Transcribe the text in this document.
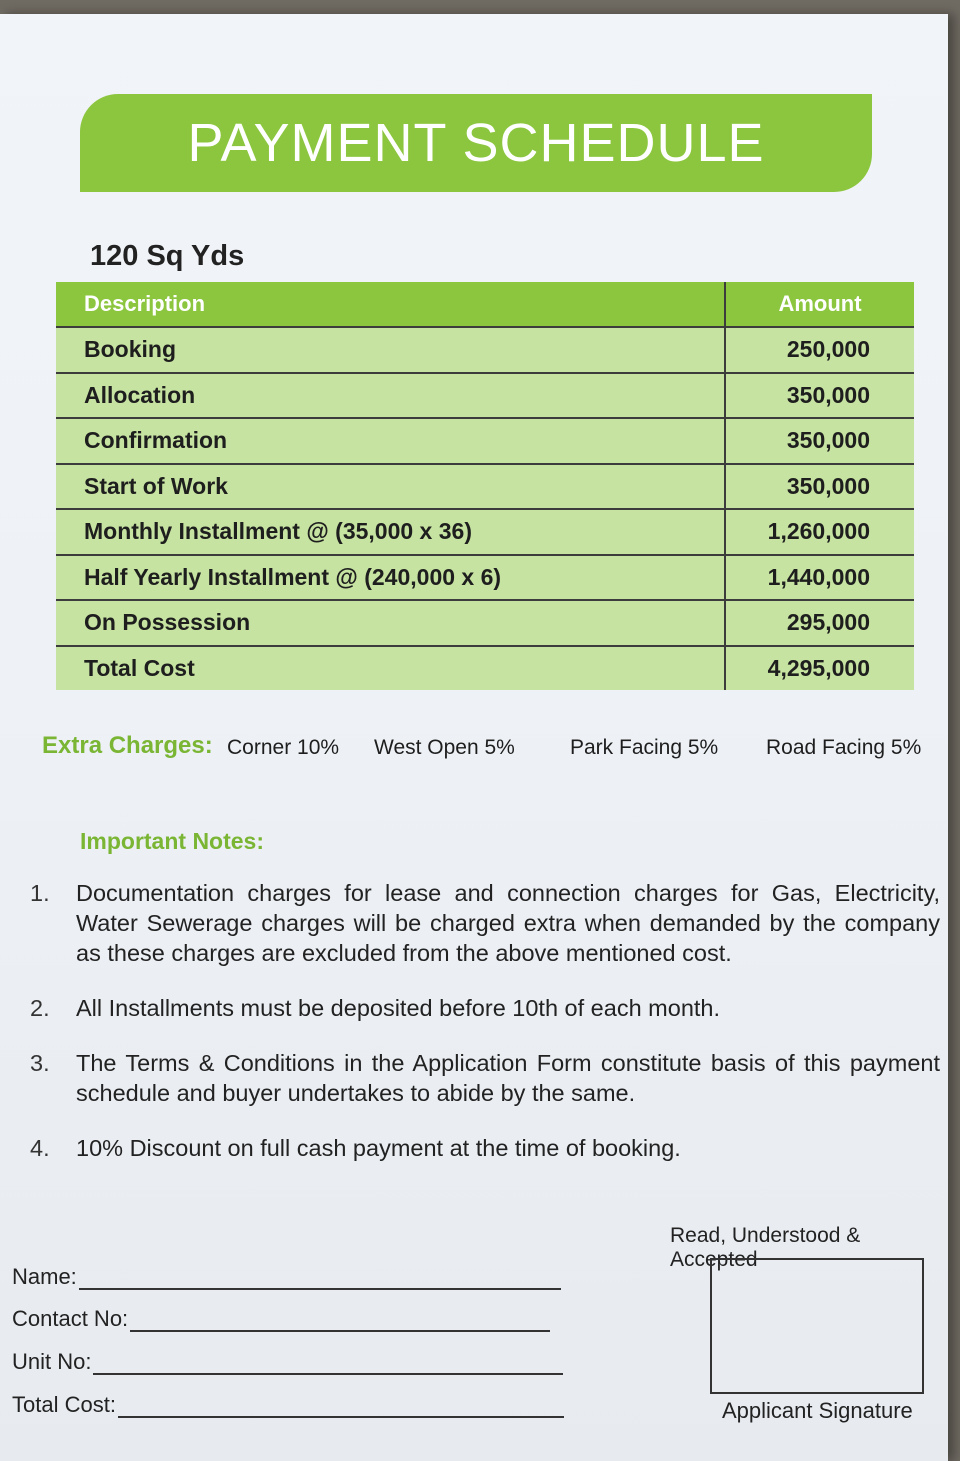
PAYMENT SCHEDULE
120 Sq Yds
Description	Amount
Booking	250,000
Allocation	350,000
Confirmation	350,000
Start of Work	350,000
Monthly Installment @ (35,000 x 36)	1,260,000
Half Yearly Installment @ (240,000 x 6)	1,440,000
On Possession	295,000
Total Cost	4,295,000
Extra Charges: Corner 10% West Open 5%	Park Facing 5% Road Facing 5%
Important Notes:
1. Documentation charges for lease and connection charges for Gas, Electricity, Water Sewerage charges will be charged extra when demanded by the company as these charges are excluded from the above mentioned cost.
2. All Installments must be deposited before 10th of each month.
3. The Terms & Conditions in the Application Form constitute basis of this payment schedule and buyer undertakes to abide by the same.
4. 10% Discount on full cash payment at the time of booking.
Read, Understood & Accepted
Applicant Signature
Name:
Contact No:
Unit No:
Total Cost:
